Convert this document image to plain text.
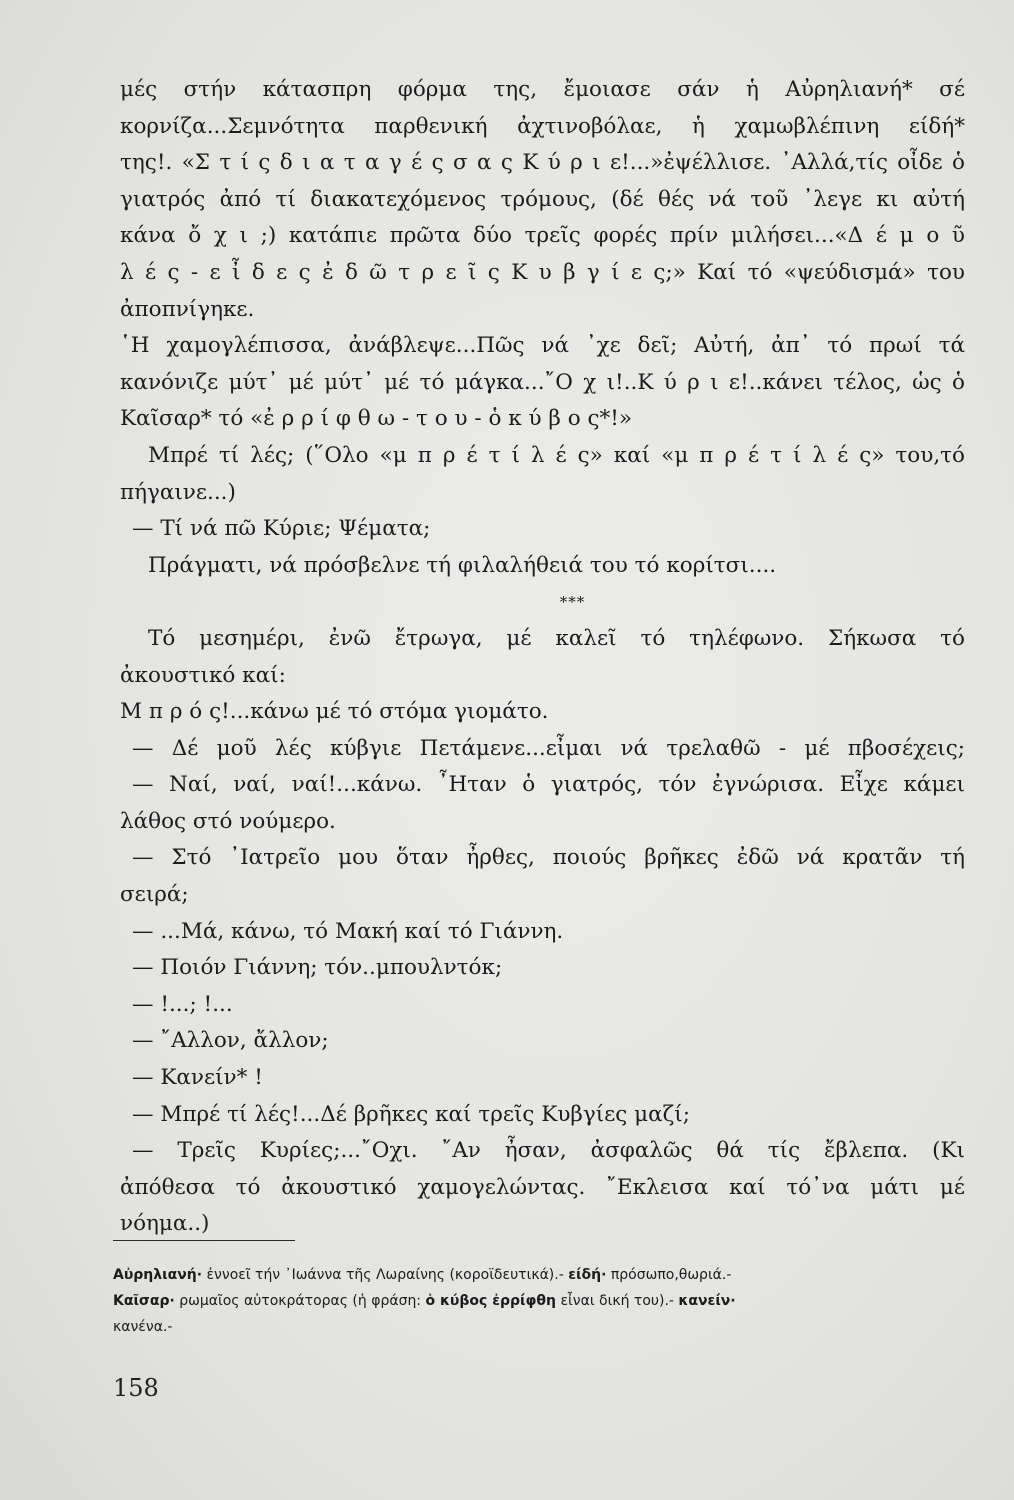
μές στήν κάτασπρη φόρμα της, ἔμοιασε σάν ἡ Αὐρηλιανή* σέ
κορνίζα...Σεμνότητα παρθενική ἀχτινοβόλαε, ἡ χαμωβλέπινη είδή*
της!. «Σ τ ί ς δ ι α τ α γ έ ς σ α ς Κ ύ ρ ι ε!...»ἐψέλλισε. ᾿Αλλά,τίς οἶδε ὁ
γιατρός ἀπό τί διακατεχόμενος τρόμους, (δέ θές νά τοῦ ᾿λεγε κι αὐτή
κάνα ὄ χ ι ;) κατάπιε πρῶτα δύο τρεῖς φορές πρίν μιλήσει...«Δ έ μ ο ῦ
λ έ ς - ε ἶ δ ε ς ἐ δ ῶ τ ρ ε ῖ ς Κ υ β γ ί ε ς;» Καί τό «ψεύδισμά» του
ἀποπνίγηκε.
῾Η χαμογλέπισσα, ἀνάβλεψε...Πῶς νά ᾿χε δεῖ; Αὐτή, ἀπ᾿ τό πρωί τά
κανόνιζε μύτ᾿ μέ μύτ᾿ μέ τό μάγκα...῎Ο χ ι!..Κ ύ ρ ι ε!..κάνει τέλος, ὡς ὁ
Καῖσαρ* τό «ἐ ρ ρ ί φ θ ω - τ ο υ - ὁ κ ύ β ο ς*!»
Μπρέ τί λές; (῞Ολο «μ π ρ έ τ ί λ έ ς» καί «μ π ρ έ τ ί λ έ ς» του,τό
πήγαινε...)
— Τί νά πῶ Κύριε; Ψέματα;
Πράγματι, νά πρόσβελνε τή φιλαλήθειά του τό κορίτσι....
***
Τό μεσημέρι, ἐνῶ ἔτρωγα, μέ καλεῖ τό τηλέφωνο. Σήκωσα τό
ἀκουστικό καί:
Μ π ρ ό ς!...κάνω μέ τό στόμα γιομάτο.
— Δέ μοῦ λές κύβγιε Πετάμενε...εἶμαι νά τρελαθῶ - μέ πβοσέχεις;
— Ναί, ναί, ναί!...κάνω. ῏Ηταν ὁ γιατρός, τόν ἐγνώρισα. Εἶχε κάμει
λάθος στό νούμερο.
— Στό ᾿Ιατρεῖο μου ὅταν ἦρθες, ποιούς βρῆκες ἐδῶ νά κρατᾶν τή
σειρά;
— ...Μά, κάνω, τό Μακή καί τό Γιάννη.
— Ποιόν Γιάννη; τόν..μπουλντόκ;
— !...; !...
— ῎Αλλον, ἄλλον;
— Κανείν* !
— Μπρέ τί λές!...Δέ βρῆκες καί τρεῖς Κυβγίες μαζί;
— Τρεῖς Κυρίες;...῎Οχι. ῎Αν ἦσαν, ἀσφαλῶς θά τίς ἔβλεπα. (Κι
ἀπόθεσα τό ἀκουστικό χαμογελώντας. ῎Εκλεισα καί τό᾿να μάτι μέ
νόημα..)
Αὐρηλιανή· ἐννοεῖ τήν ᾿Ιωάννα τῆς Λωραίνης (κοροϊδευτικά).- είδή· πρόσωπο,θωριά.-
Καῖσαρ· ρωμαῖος αὐτοκράτορας (ἡ φράση: ὁ κύβος ἐρρίφθη εἶναι δική του).- κανείν·
κανένα.-
158
